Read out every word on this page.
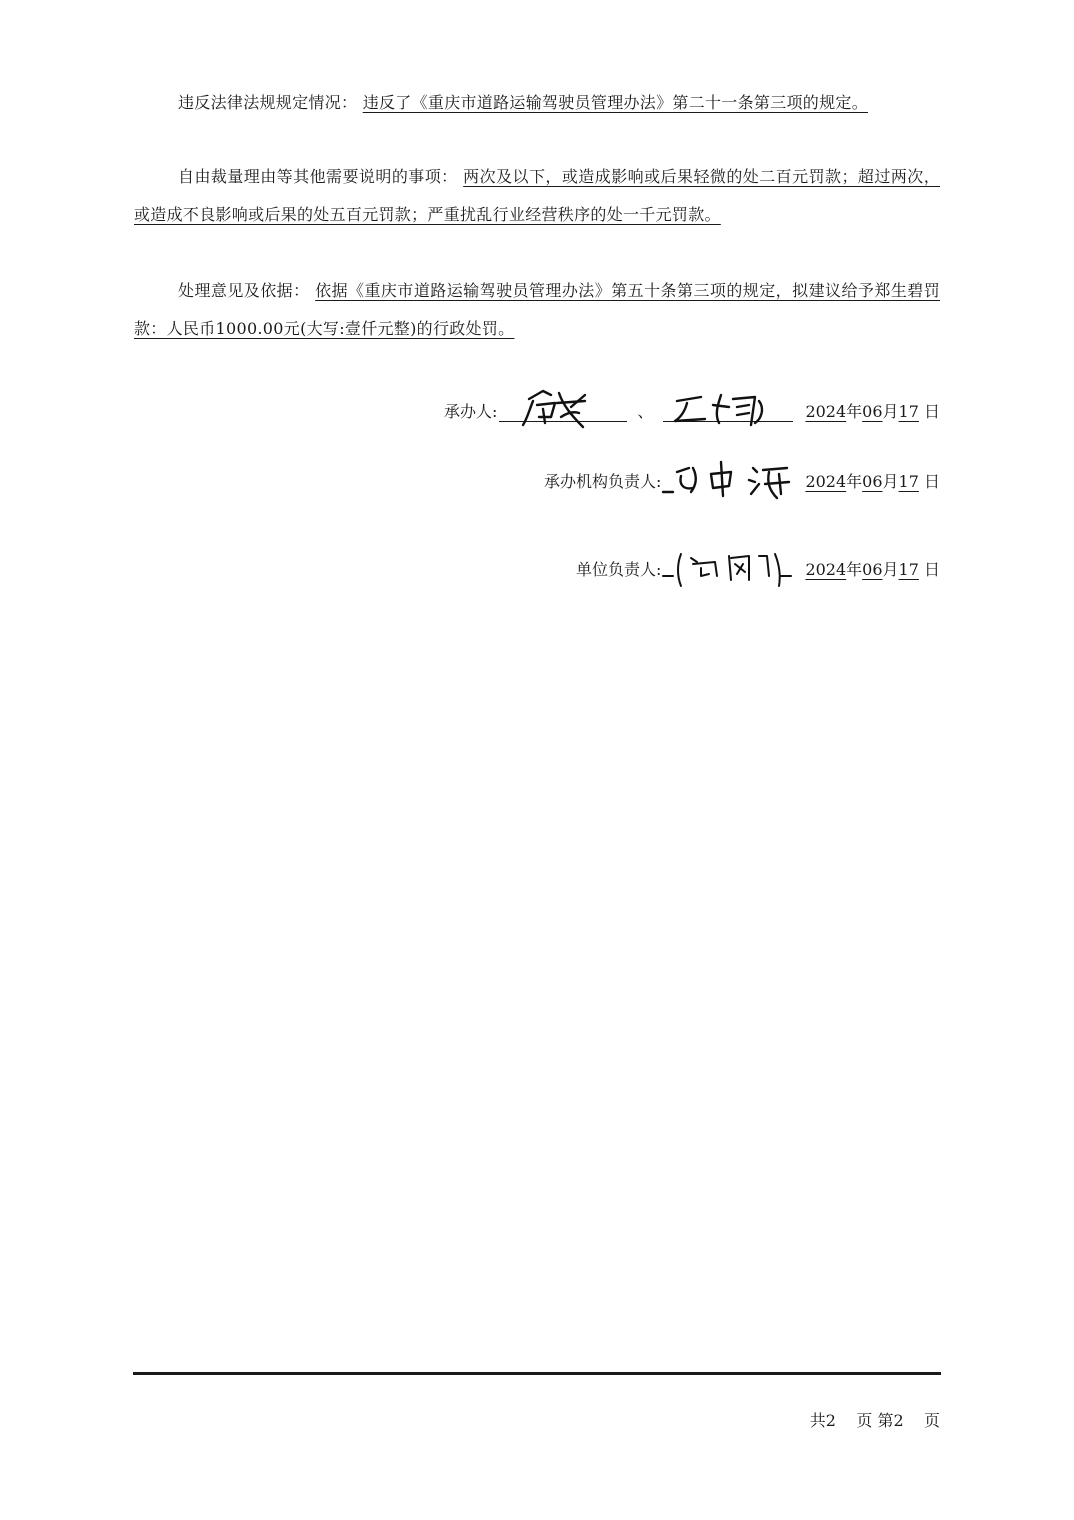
违反法律法规规定情况： 违反了《重庆市道路运输驾驶员管理办法》第二十一条第三项的规定。

自由裁量理由等其他需要说明的事项： 两次及以下，或造成影响或后果轻微的处二百元罚款；超过两次，或造成不良影响或后果的处五百元罚款；严重扰乱行业经营秩序的处一千元罚款。

处理意见及依据： 依据《重庆市道路运输驾驶员管理办法》第五十条第三项的规定，拟建议给予郑生碧罚款：人民币1000.00元(大写:壹仟元整)的行政处罚。

承办人:	、	2024年06月17 日
承办机构负责人:	2024年06月17 日
单位负责人:	2024年06月17 日
共2 页 第2 页
